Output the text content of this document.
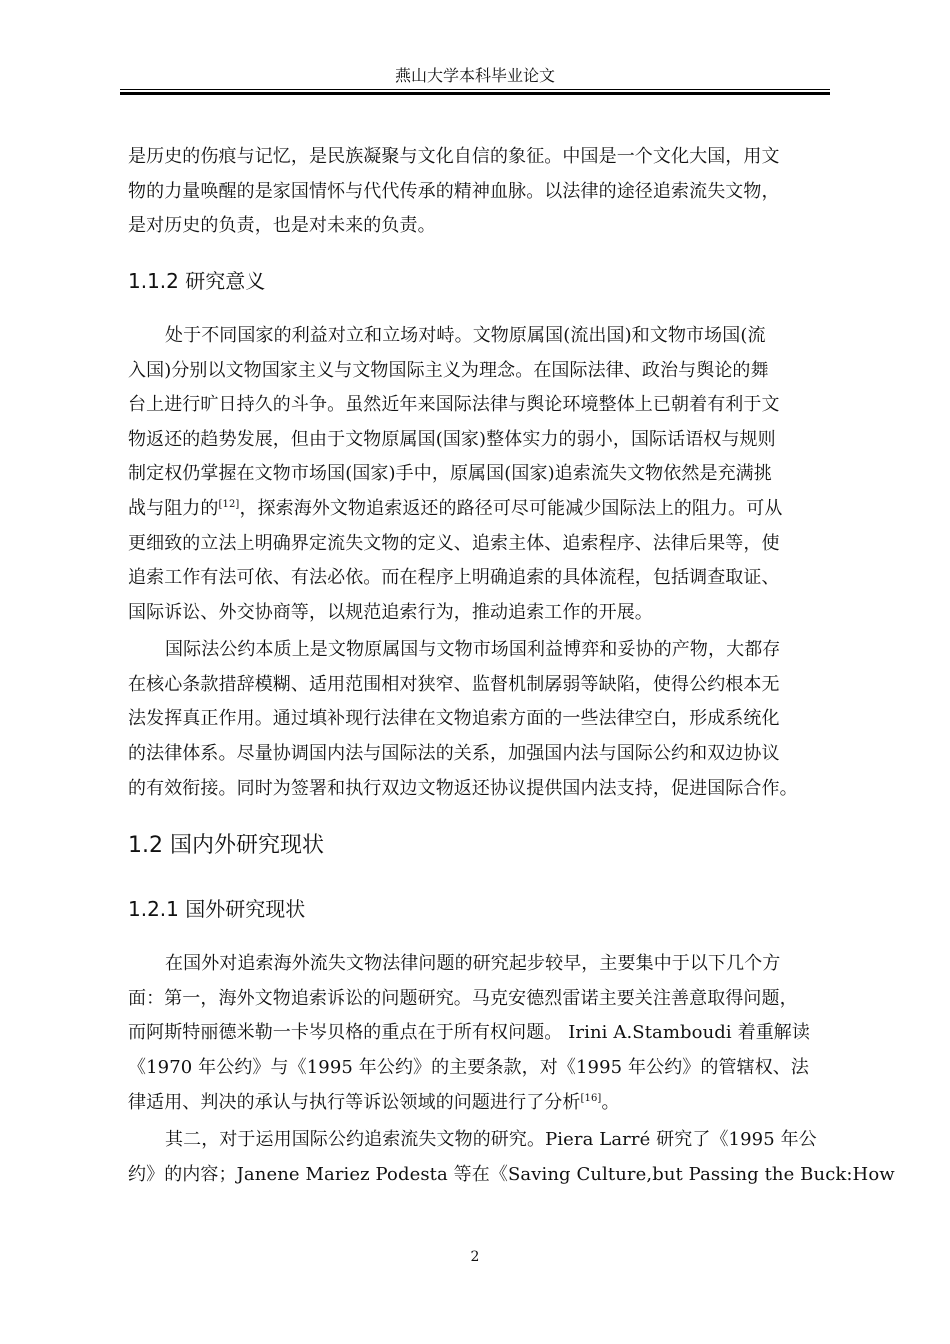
燕山大学本科毕业论文

是历史的伤痕与记忆，是民族凝聚与文化自信的象征。中国是一个文化大国，用文

物的力量唤醒的是家国情怀与代代传承的精神血脉。以法律的途径追索流失文物，

是对历史的负责，也是对未来的负责。

1.1.2 研究意义

处于不同国家的利益对立和立场对峙。文物原属国(流出国)和文物市场国(流

入国)分别以文物国家主义与文物国际主义为理念。在国际法律、政治与舆论的舞

台上进行旷日持久的斗争。虽然近年来国际法律与舆论环境整体上已朝着有利于文

物返还的趋势发展，但由于文物原属国(国家)整体实力的弱小，国际话语权与规则

制定权仍掌握在文物市场国(国家)手中，原属国(国家)追索流失文物依然是充满挑

战与阻力的[12]，探索海外文物追索返还的路径可尽可能减少国际法上的阻力。可从

更细致的立法上明确界定流失文物的定义、追索主体、追索程序、法律后果等，使

追索工作有法可依、有法必依。而在程序上明确追索的具体流程，包括调查取证、

国际诉讼、外交协商等，以规范追索行为，推动追索工作的开展。

国际法公约本质上是文物原属国与文物市场国利益博弈和妥协的产物，大都存

在核心条款措辞模糊、适用范围相对狭窄、监督机制孱弱等缺陷，使得公约根本无

法发挥真正作用。通过填补现行法律在文物追索方面的一些法律空白，形成系统化

的法律体系。尽量协调国内法与国际法的关系，加强国内法与国际公约和双边协议

的有效衔接。同时为签署和执行双边文物返还协议提供国内法支持，促进国际合作。

1.2 国内外研究现状
1.2.1 国外研究现状

在国外对追索海外流失文物法律问题的研究起步较早，主要集中于以下几个方

面：第一，海外文物追索诉讼的问题研究。马克安德烈雷诺主要关注善意取得问题，

而阿斯特丽德米勒一卡岑贝格的重点在于所有权问题。 Irini A.Stamboudi 着重解读

《1970 年公约》与《1995 年公约》的主要条款，对《1995 年公约》的管辖权、法

律适用、判决的承认与执行等诉讼领域的问题进行了分析[16]。

其二，对于运用国际公约追索流失文物的研究。Piera Larré 研究了《1995 年公

约》的内容；Janene Mariez Podesta 等在《Saving Culture,but Passing the Buck:How

2
